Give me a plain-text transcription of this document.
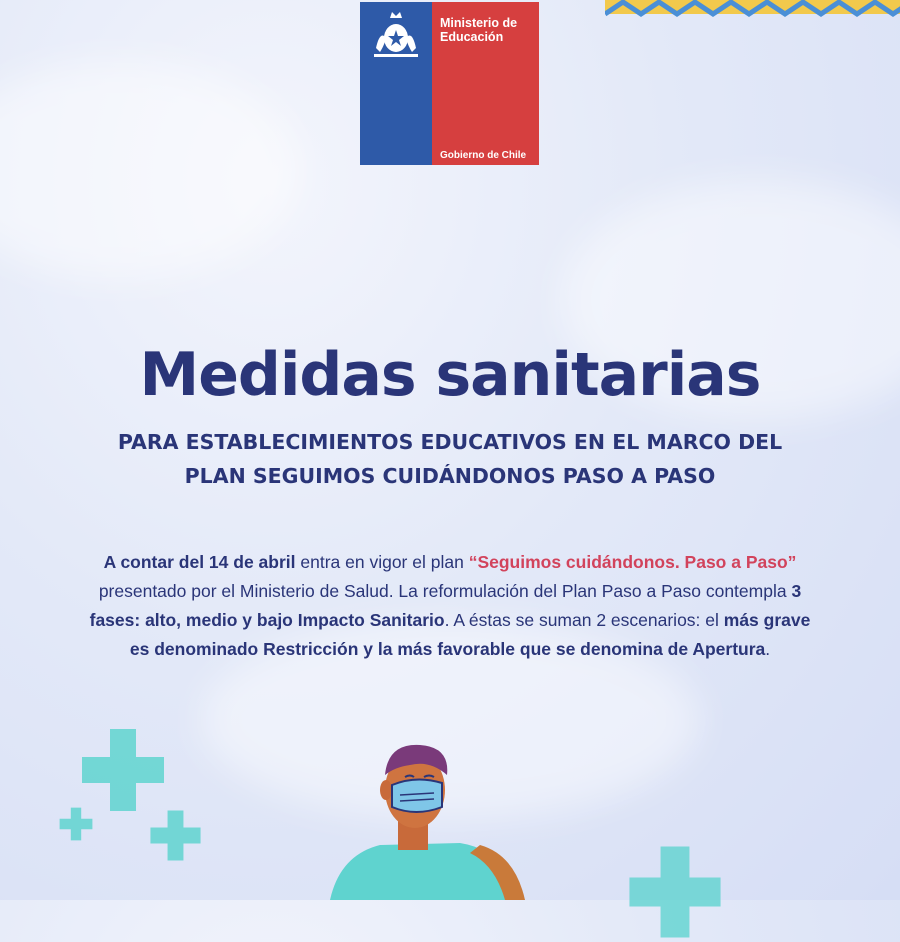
Ministerio de Educación
Gobierno de Chile
Medidas sanitarias
PARA ESTABLECIMIENTOS EDUCATIVOS EN EL MARCO DEL
PLAN SEGUIMOS CUIDÁNDONOS PASO A PASO

A contar del 14 de abril entra en vigor el plan “Seguimos cuidándonos. Paso a Paso” presentado por el Ministerio de Salud. La reformulación del Plan Paso a Paso contempla 3 fases: alto, medio y bajo Impacto Sanitario. A éstas se suman 2 escenarios: el más grave es denominado Restricción y la más favorable que se denomina de Apertura.
